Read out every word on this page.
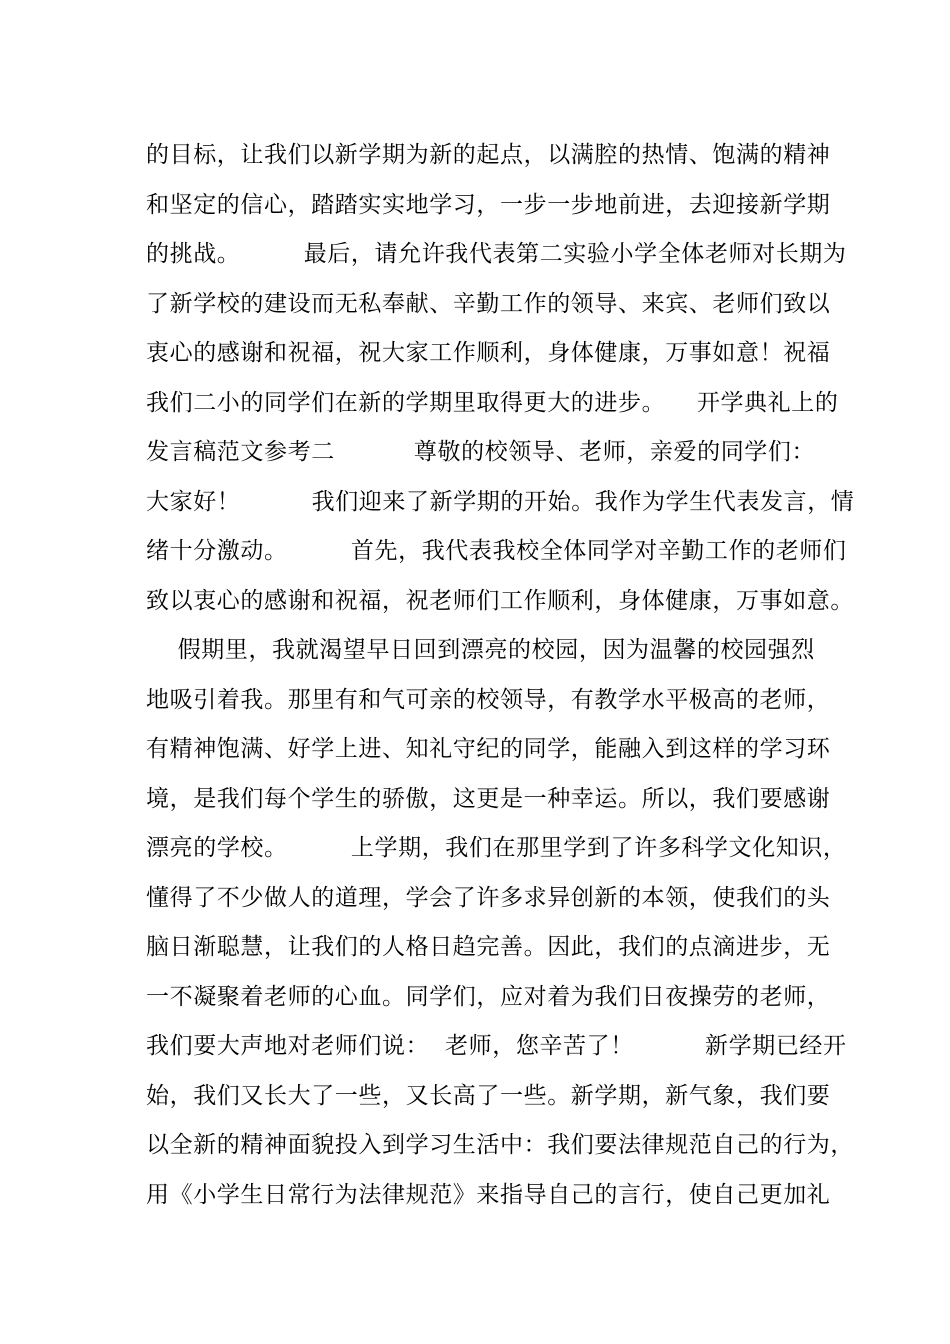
的目标，让我们以新学期为新的起点，以满腔的热情、饱满的精神
和坚定的信心，踏踏实实地学习，一步一步地前进，去迎接新学期
的挑战。        最后，请允许我代表第二实验小学全体老师对长期为
了新学校的建设而无私奉献、辛勤工作的领导、来宾、老师们致以
衷心的感谢和祝福，祝大家工作顺利，身体健康，万事如意！祝福
我们二小的同学们在新的学期里取得更大的进步。    开学典礼上的
发言稿范文参考二          尊敬的校领导、老师，亲爱的同学们：
大家好！         我们迎来了新学期的开始。我作为学生代表发言，情
绪十分激动。        首先，我代表我校全体同学对辛勤工作的老师们
致以衷心的感谢和祝福，祝老师们工作顺利，身体健康，万事如意。
假期里，我就渴望早日回到漂亮的校园，因为温馨的校园强烈
地吸引着我。那里有和气可亲的校领导，有教学水平极高的老师，
有精神饱满、好学上进、知礼守纪的同学，能融入到这样的学习环
境，是我们每个学生的骄傲，这更是一种幸运。所以，我们要感谢
漂亮的学校。        上学期，我们在那里学到了许多科学文化知识，
懂得了不少做人的道理，学会了许多求异创新的本领，使我们的头
脑日渐聪慧，让我们的人格日趋完善。因此，我们的点滴进步，无
一不凝聚着老师的心血。同学们，应对着为我们日夜操劳的老师，
我们要大声地对老师们说：  老师，您辛苦了！         新学期已经开
始，我们又长大了一些，又长高了一些。新学期，新气象，我们要
以全新的精神面貌投入到学习生活中：我们要法律规范自己的行为，
用《小学生日常行为法律规范》来指导自己的言行，使自己更加礼
